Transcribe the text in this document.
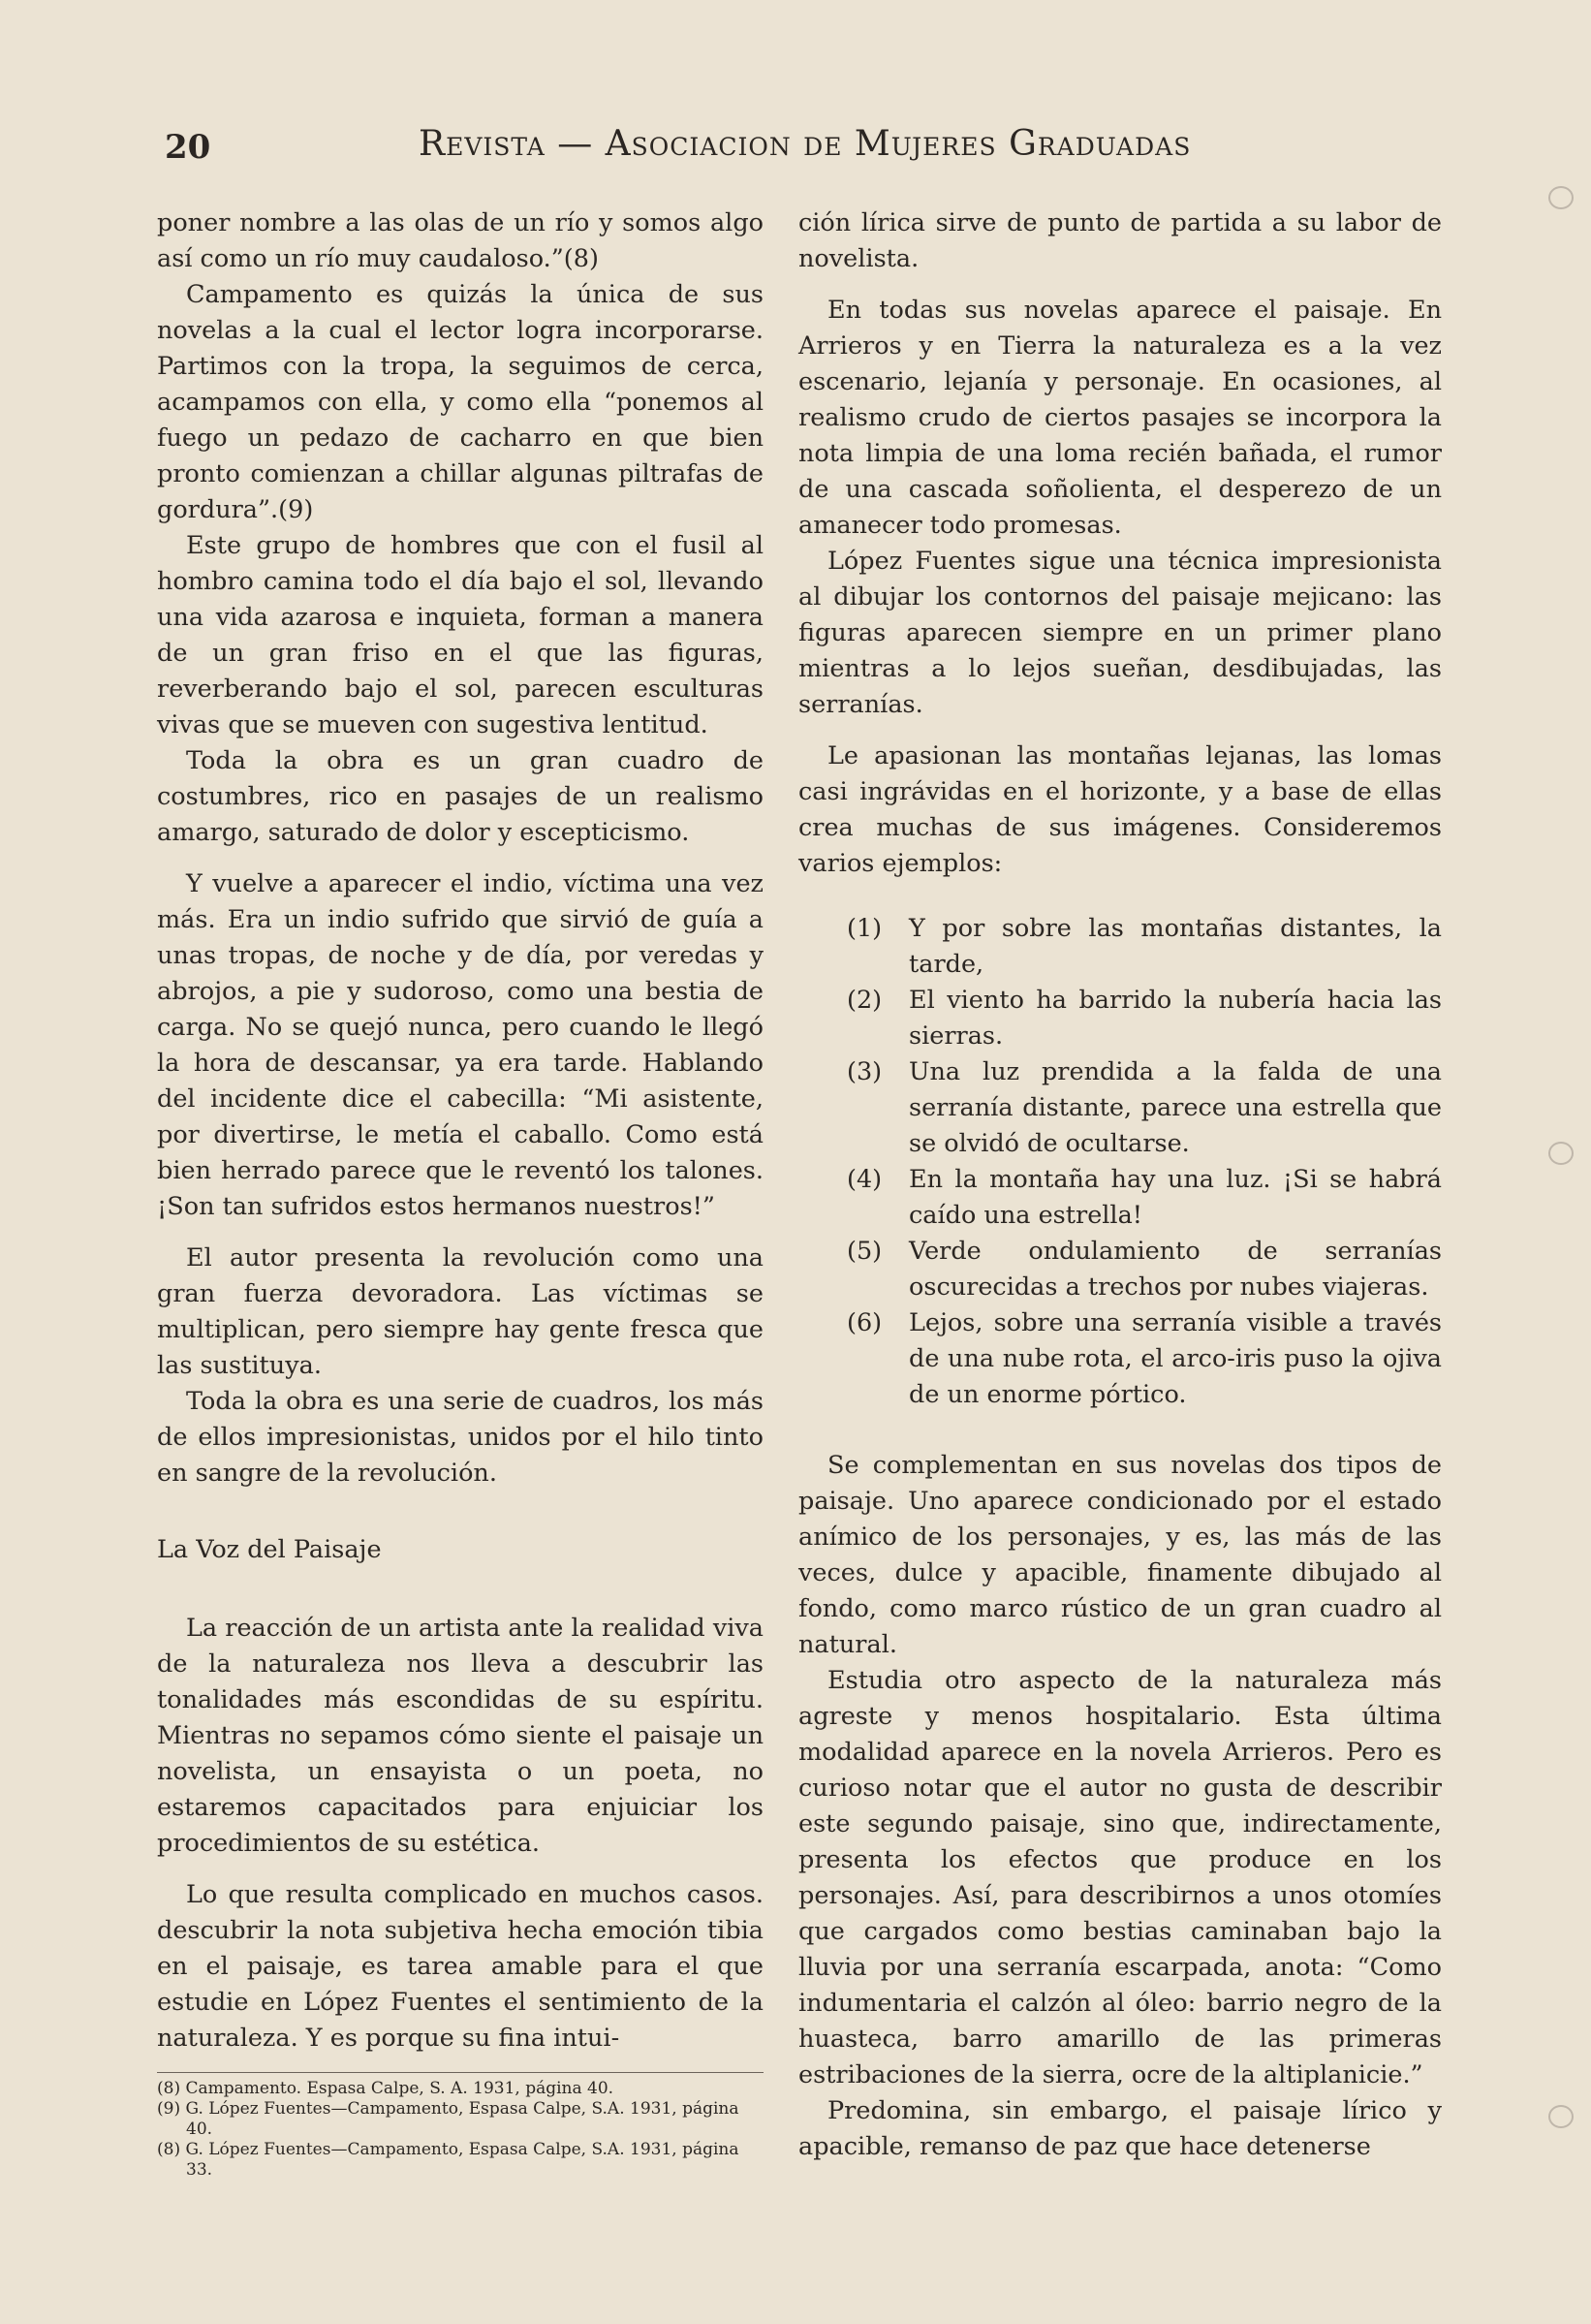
20	Revista — Asociacion de Mujeres Graduadas

poner nombre a las olas de un río y somos algo así como un río muy caudaloso.”(8)

Campamento es quizás la única de sus novelas a la cual el lector logra incorporarse. Partimos con la tropa, la seguimos de cerca, acampamos con ella, y como ella “ponemos al fuego un pedazo de cacharro en que bien pronto comienzan a chillar algunas piltrafas de gordura”.(9)

Este grupo de hombres que con el fusil al hombro camina todo el día bajo el sol, llevando una vida azarosa e inquieta, forman a manera de un gran friso en el que las figuras, reverberando bajo el sol, parecen esculturas vivas que se mueven con sugestiva lentitud.

Toda la obra es un gran cuadro de costumbres, rico en pasajes de un realismo amargo, saturado de dolor y escepticismo.

Y vuelve a aparecer el indio, víctima una vez más. Era un indio sufrido que sirvió de guía a unas tropas, de noche y de día, por veredas y abrojos, a pie y sudoroso, como una bestia de carga. No se quejó nunca, pero cuando le llegó la hora de descansar, ya era tarde. Hablando del incidente dice el cabecilla: “Mi asistente, por divertirse, le metía el caballo. Como está bien herrado parece que le reventó los talones. ¡Son tan sufridos estos hermanos nuestros!”

El autor presenta la revolución como una gran fuerza devoradora. Las víctimas se multiplican, pero siempre hay gente fresca que las sustituya.

Toda la obra es una serie de cuadros, los más de ellos impresionistas, unidos por el hilo tinto en sangre de la revolución.

La Voz del Paisaje

La reacción de un artista ante la realidad viva de la naturaleza nos lleva a descubrir las tonalidades más escondidas de su espíritu. Mientras no sepamos cómo siente el paisaje un novelista, un ensayista o un poeta, no estaremos capacitados para enjuiciar los procedimientos de su estética.

Lo que resulta complicado en muchos casos. descubrir la nota subjetiva hecha emoción tibia en el paisaje, es tarea amable para el que estudie en López Fuentes el sentimiento de la naturaleza. Y es porque su fina intui-

(8) Campamento. Espasa Calpe, S. A. 1931, página 40.
(9) G. López Fuentes—Campamento, Espasa Calpe, S.A. 1931, página 40.
(8) G. López Fuentes—Campamento, Espasa Calpe, S.A. 1931, página 33.

ción lírica sirve de punto de partida a su labor de novelista.

En todas sus novelas aparece el paisaje. En Arrieros y en Tierra la naturaleza es a la vez escenario, lejanía y personaje. En ocasiones, al realismo crudo de ciertos pasajes se incorpora la nota limpia de una loma recién bañada, el rumor de una cascada soñolienta, el desperezo de un amanecer todo promesas.

López Fuentes sigue una técnica impresionista al dibujar los contornos del paisaje mejicano: las figuras aparecen siempre en un primer plano mientras a lo lejos sueñan, desdibujadas, las serranías.

Le apasionan las montañas lejanas, las lomas casi ingrávidas en el horizonte, y a base de ellas crea muchas de sus imágenes. Consideremos varios ejemplos:

(1) Y por sobre las montañas distantes, la tarde,
(2) El viento ha barrido la nubería hacia las sierras.
(3) Una luz prendida a la falda de una serranía distante, parece una estrella que se olvidó de ocultarse.
(4) En la montaña hay una luz. ¡Si se habrá caído una estrella!
(5) Verde ondulamiento de serranías oscurecidas a trechos por nubes viajeras.
(6) Lejos, sobre una serranía visible a través de una nube rota, el arco-iris puso la ojiva de un enorme pórtico.

Se complementan en sus novelas dos tipos de paisaje. Uno aparece condicionado por el estado anímico de los personajes, y es, las más de las veces, dulce y apacible, finamente dibujado al fondo, como marco rústico de un gran cuadro al natural.

Estudia otro aspecto de la naturaleza más agreste y menos hospitalario. Esta última modalidad aparece en la novela Arrieros. Pero es curioso notar que el autor no gusta de describir este segundo paisaje, sino que, indirectamente, presenta los efectos que produce en los personajes. Así, para describirnos a unos otomíes que cargados como bestias caminaban bajo la lluvia por una serranía escarpada, anota: “Como indumentaria el calzón al óleo: barrio negro de la huasteca, barro amarillo de las primeras estribaciones de la sierra, ocre de la altiplanicie.”

Predomina, sin embargo, el paisaje lírico y apacible, remanso de paz que hace detenerse
